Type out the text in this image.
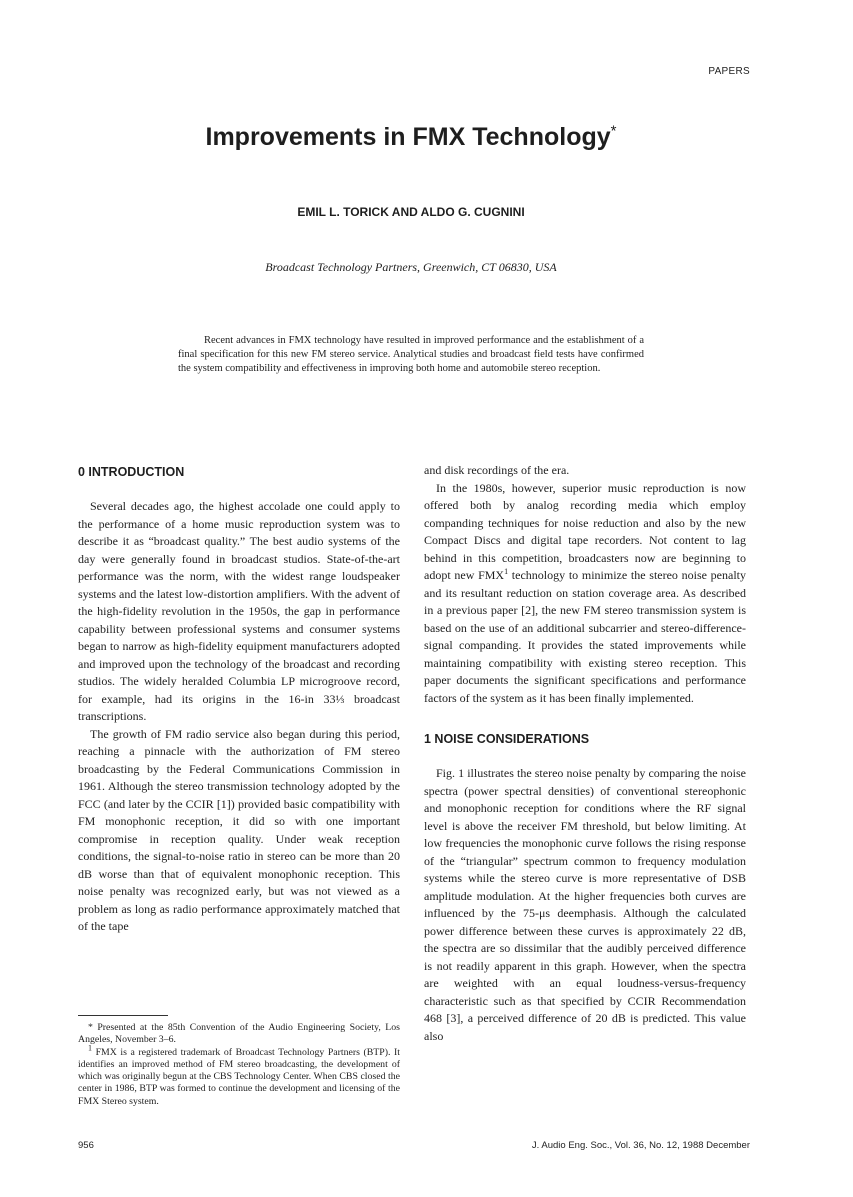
PAPERS
Improvements in FMX Technology*
EMIL L. TORICK AND ALDO G. CUGNINI
Broadcast Technology Partners, Greenwich, CT 06830, USA

Recent advances in FMX technology have resulted in improved performance and the establishment of a final specification for this new FM stereo service. Analytical studies and broadcast field tests have confirmed the system compatibility and effectiveness in improving both home and automobile stereo reception.

0 INTRODUCTION

Several decades ago, the highest accolade one could apply to the performance of a home music reproduction system was to describe it as “broadcast quality.” The best audio systems of the day were generally found in broadcast studios. State-of-the-art performance was the norm, with the widest range loudspeaker systems and the latest low-distortion amplifiers. With the advent of the high-fidelity revolution in the 1950s, the gap in performance capability between professional systems and consumer systems began to narrow as high-fidelity equipment manufacturers adopted and improved upon the technology of the broadcast and recording studios. The widely heralded Columbia LP microgroove record, for example, had its origins in the 16-in 33⅓ broadcast transcriptions.

The growth of FM radio service also began during this period, reaching a pinnacle with the authorization of FM stereo broadcasting by the Federal Communications Commission in 1961. Although the stereo transmission technology adopted by the FCC (and later by the CCIR [1]) provided basic compatibility with FM monophonic reception, it did so with one important compromise in reception quality. Under weak reception conditions, the signal-to-noise ratio in stereo can be more than 20 dB worse than that of equivalent monophonic reception. This noise penalty was recognized early, but was not viewed as a problem as long as radio performance approximately matched that of the tape

and disk recordings of the era.

In the 1980s, however, superior music reproduction is now offered both by analog recording media which employ companding techniques for noise reduction and also by the new Compact Discs and digital tape recorders. Not content to lag behind in this competition, broadcasters now are beginning to adopt new FMX$^1$ technology to minimize the stereo noise penalty and its resultant reduction on station coverage area. As described in a previous paper [2], the new FM stereo transmission system is based on the use of an additional subcarrier and stereo-difference-signal companding. It provides the stated improvements while maintaining compatibility with existing stereo reception. This paper documents the significant specifications and performance factors of the system as it has been finally implemented.

1 NOISE CONSIDERATIONS

Fig. 1 illustrates the stereo noise penalty by comparing the noise spectra (power spectral densities) of conventional stereophonic and monophonic reception for conditions where the RF signal level is above the receiver FM threshold, but below limiting. At low frequencies the monophonic curve follows the rising response of the “triangular” spectrum common to frequency modulation systems while the stereo curve is more representative of DSB amplitude modulation. At the higher frequencies both curves are influenced by the 75-μs deemphasis. Although the calculated power difference between these curves is approximately 22 dB, the spectra are so dissimilar that the audibly perceived difference is not readily apparent in this graph. However, when the spectra are weighted with an equal loudness-versus-frequency characteristic such as that specified by CCIR Recommendation 468 [3], a perceived difference of 20 dB is predicted. This value also

* Presented at the 85th Convention of the Audio Engineering Society, Los Angeles, November 3–6.

$^1$ FMX is a registered trademark of Broadcast Technology Partners (BTP). It identifies an improved method of FM stereo broadcasting, the development of which was originally begun at the CBS Technology Center. When CBS closed the center in 1986, BTP was formed to continue the development and licensing of the FMX Stereo system.

956	J. Audio Eng. Soc., Vol. 36, No. 12, 1988 December
